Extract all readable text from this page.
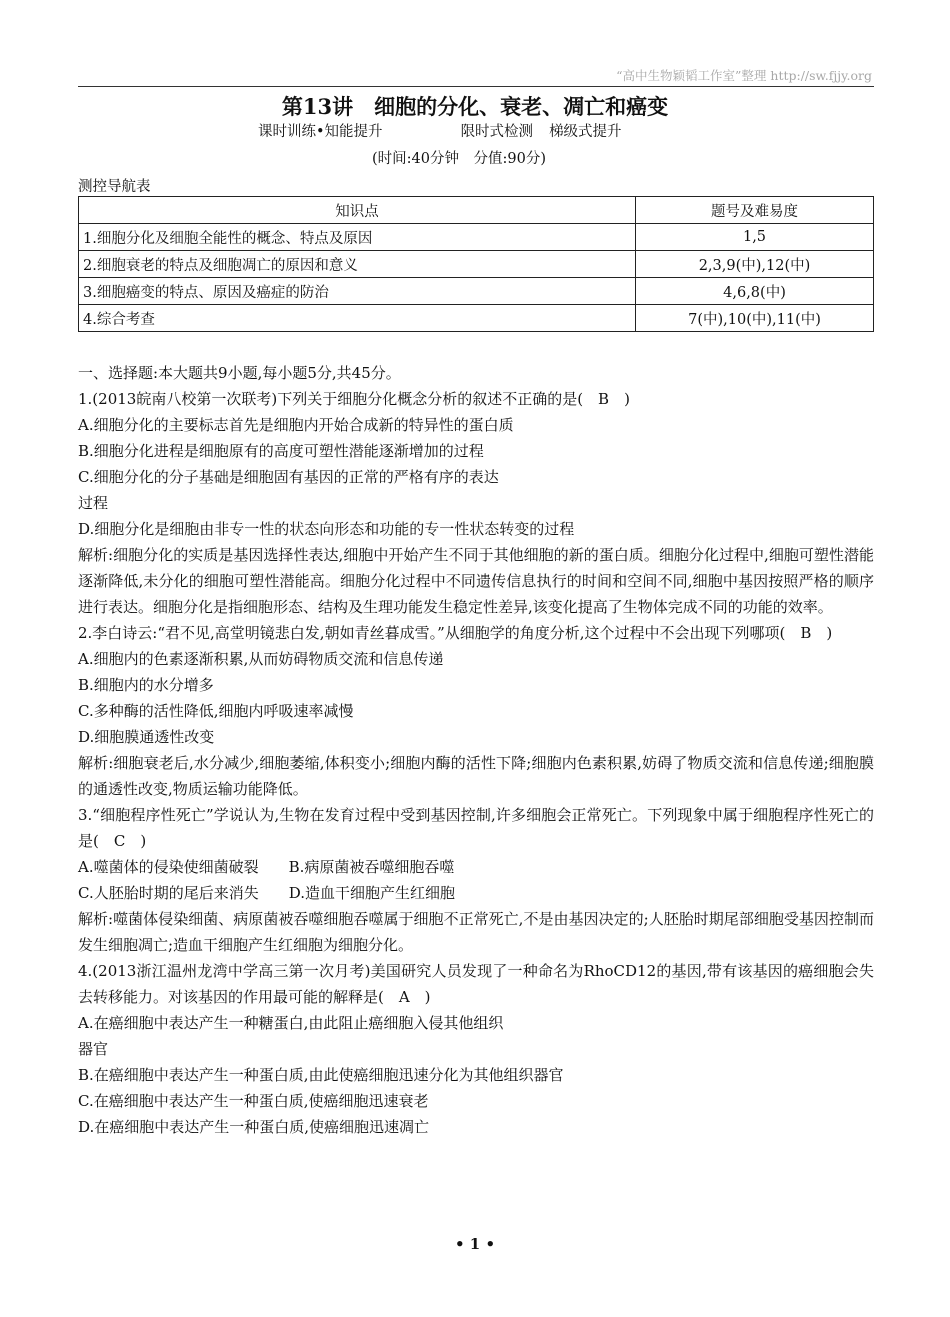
“高中生物颖韬工作室”整理 http://sw.fjjy.org
第13讲　细胞的分化、衰老、凋亡和癌变
课时训练•知能提升	限时式检测 梯级式提升
(时间:40分钟　分值:90分)
测控导航表
知识点	题号及难易度
1.细胞分化及细胞全能性的概念、特点及原因	1,5
2.细胞衰老的特点及细胞凋亡的原因和意义	2,3,9(中),12(中)
3.细胞癌变的特点、原因及癌症的防治	4,6,8(中)
4.综合考查	7(中),10(中),11(中)

一、选择题:本大题共9小题,每小题5分,共45分。

1.(2013皖南八校第一次联考)下列关于细胞分化概念分析的叙述不正确的是(　B　)

A.细胞分化的主要标志首先是细胞内开始合成新的特异性的蛋白质

B.细胞分化进程是细胞原有的高度可塑性潜能逐渐增加的过程

C.细胞分化的分子基础是细胞固有基因的正常的严格有序的表达

过程

D.细胞分化是细胞由非专一性的状态向形态和功能的专一性状态转变的过程

解析:细胞分化的实质是基因选择性表达,细胞中开始产生不同于其他细胞的新的蛋白质。细胞分化过程中,细胞可塑性潜能逐渐降低,未分化的细胞可塑性潜能高。细胞分化过程中不同遗传信息执行的时间和空间不同,细胞中基因按照严格的顺序进行表达。细胞分化是指细胞形态、结构及生理功能发生稳定性差异,该变化提高了生物体完成不同的功能的效率。

2.李白诗云:“君不见,高堂明镜悲白发,朝如青丝暮成雪。”从细胞学的角度分析,这个过程中不会出现下列哪项(　B　)

A.细胞内的色素逐渐积累,从而妨碍物质交流和信息传递

B.细胞内的水分增多

C.多种酶的活性降低,细胞内呼吸速率减慢

D.细胞膜通透性改变

解析:细胞衰老后,水分减少,细胞萎缩,体积变小;细胞内酶的活性下降;细胞内色素积累,妨碍了物质交流和信息传递;细胞膜的通透性改变,物质运输功能降低。

3.“细胞程序性死亡”学说认为,生物在发育过程中受到基因控制,许多细胞会正常死亡。下列现象中属于细胞程序性死亡的是(　C　)

A.噬菌体的侵染使细菌破裂　　B.病原菌被吞噬细胞吞噬

C.人胚胎时期的尾后来消失　　D.造血干细胞产生红细胞

解析:噬菌体侵染细菌、病原菌被吞噬细胞吞噬属于细胞不正常死亡,不是由基因决定的;人胚胎时期尾部细胞受基因控制而发生细胞凋亡;造血干细胞产生红细胞为细胞分化。

4.(2013浙江温州龙湾中学高三第一次月考)美国研究人员发现了一种命名为RhoCD12的基因,带有该基因的癌细胞会失去转移能力。对该基因的作用最可能的解释是(　A　)

A.在癌细胞中表达产生一种糖蛋白,由此阻止癌细胞入侵其他组织

器官

B.在癌细胞中表达产生一种蛋白质,由此使癌细胞迅速分化为其他组织器官

C.在癌细胞中表达产生一种蛋白质,使癌细胞迅速衰老

D.在癌细胞中表达产生一种蛋白质,使癌细胞迅速凋亡

• 1 •
